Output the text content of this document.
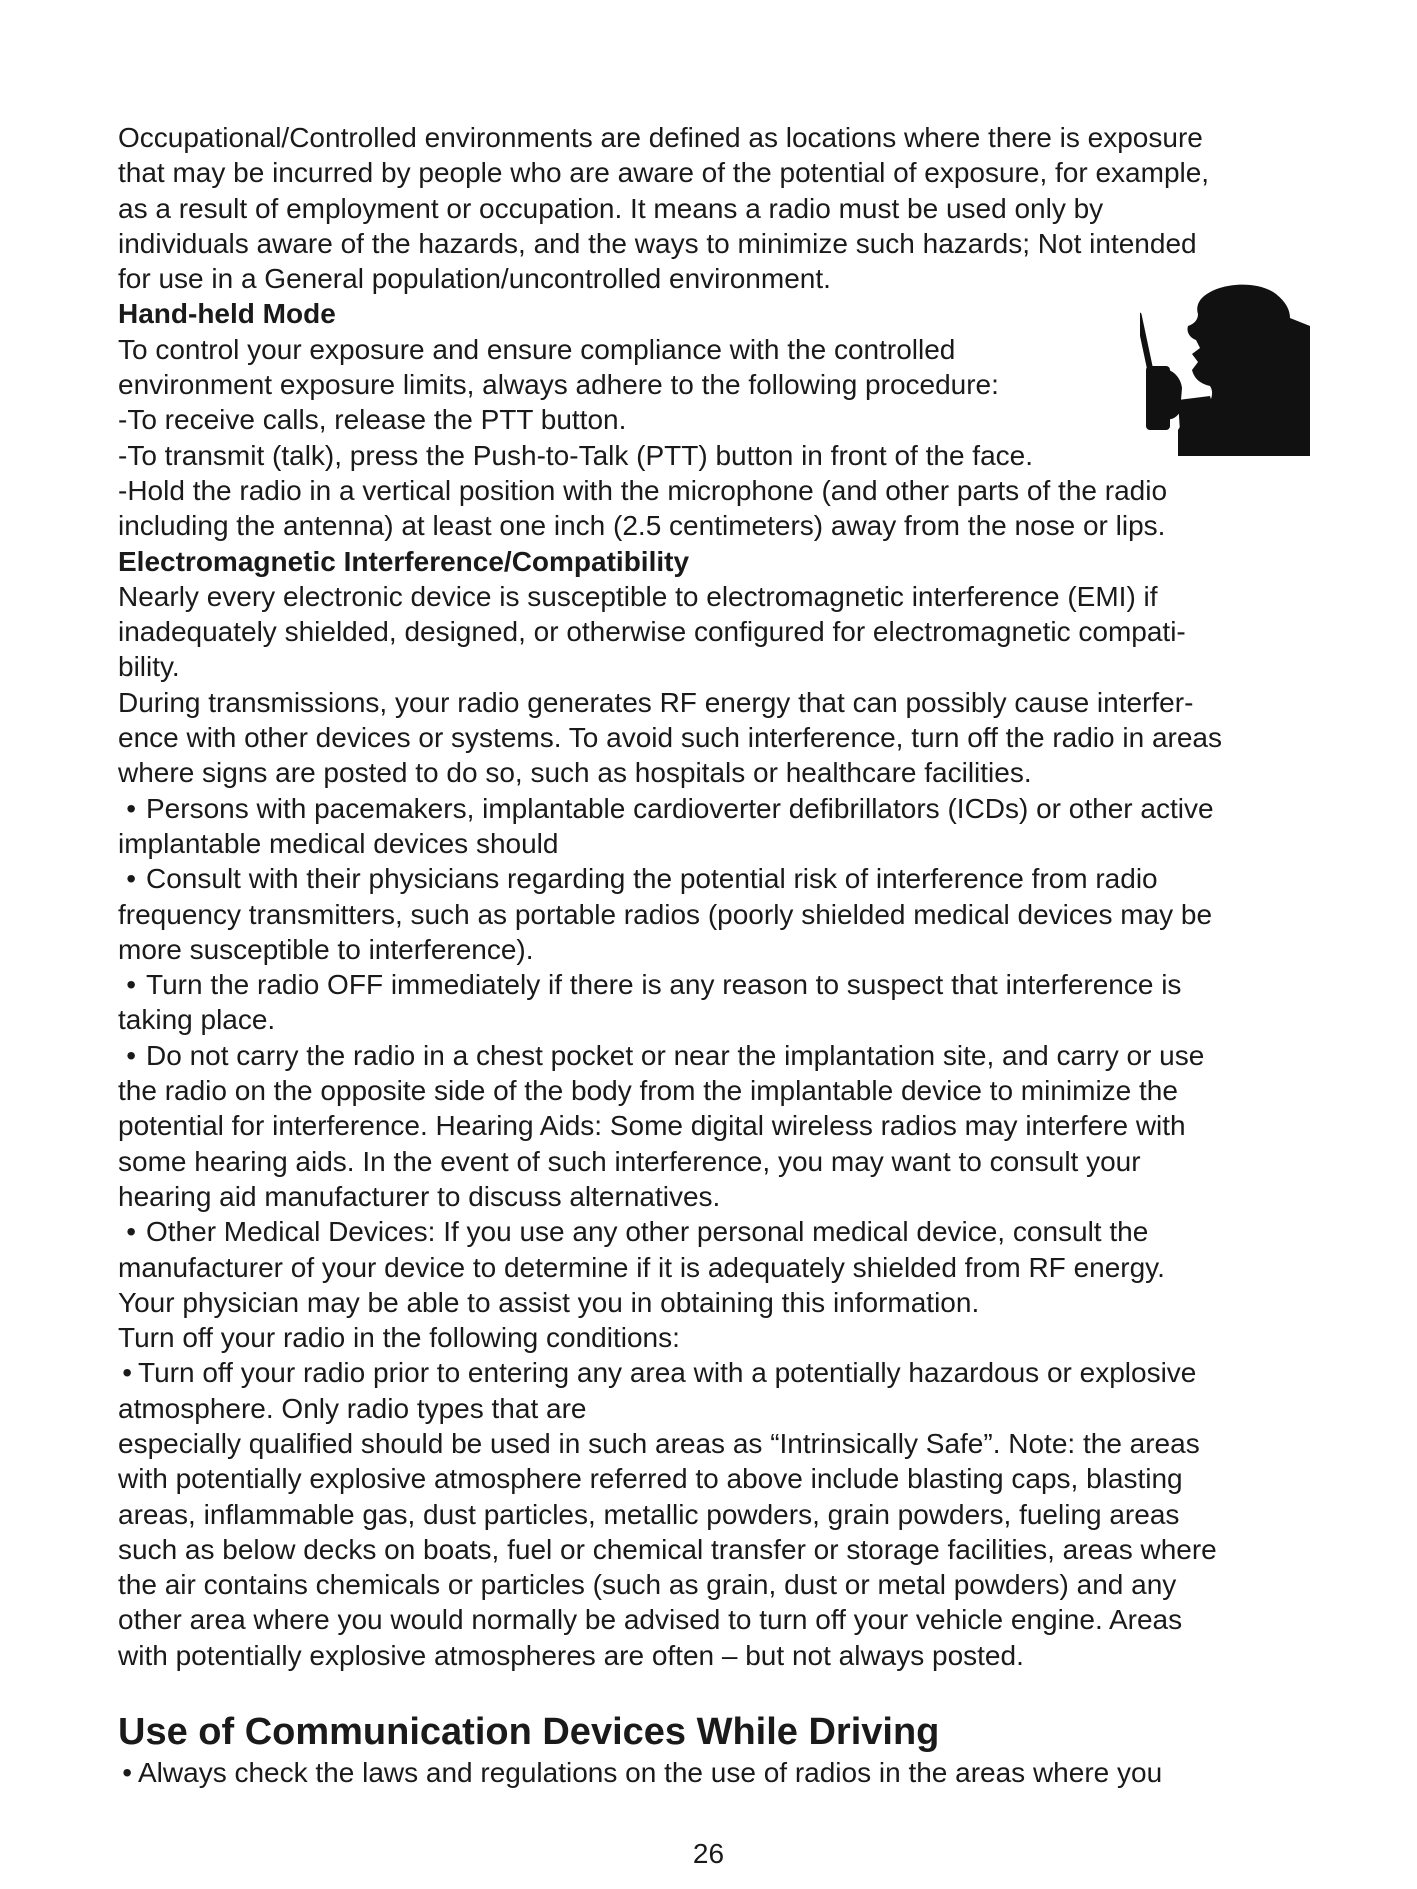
Occupational/Controlled environments are defined as locations where there is exposure
that may be incurred by people who are aware of the potential of exposure, for example,
as a result of employment or occupation. It means a radio must be used only by
individuals aware of the hazards, and the ways to minimize such hazards; Not intended
for use in a General population/uncontrolled environment.

Hand-held Mode

To control your exposure and ensure compliance with the controlled
environment exposure limits, always adhere to the following procedure:
-To receive calls, release the PTT button.
-To transmit (talk), press the Push-to-Talk (PTT) button in front of the face.
-Hold the radio in a vertical position with the microphone (and other parts of the radio
including the antenna) at least one inch (2.5 centimeters) away from the nose or lips.

Electromagnetic Interference/Compatibility

Nearly every electronic device is susceptible to electromagnetic interference (EMI) if
inadequately shielded, designed, or otherwise configured for electromagnetic compati-
bility.
During transmissions, your radio generates RF energy that can possibly cause interfer-
ence with other devices or systems. To avoid such interference, turn off the radio in areas
where signs are posted to do so, such as hospitals or healthcare facilities.

• Persons with pacemakers, implantable cardioverter defibrillators (ICDs) or other active
implantable medical devices should
• Consult with their physicians regarding the potential risk of interference from radio
frequency transmitters, such as portable radios (poorly shielded medical devices may be
more susceptible to interference).
• Turn the radio OFF immediately if there is any reason to suspect that interference is
taking place.
• Do not carry the radio in a chest pocket or near the implantation site, and carry or use
the radio on the opposite side of the body from the implantable device to minimize the
potential for interference. Hearing Aids: Some digital wireless radios may interfere with
some hearing aids. In the event of such interference, you may want to consult your
hearing aid manufacturer to discuss alternatives.
• Other Medical Devices: If you use any other personal medical device, consult the
manufacturer of your device to determine if it is adequately shielded from RF energy.
Your physician may be able to assist you in obtaining this information.

Turn off your radio in the following conditions:
• Turn off your radio prior to entering any area with a potentially hazardous or explosive
atmosphere. Only radio types that are
especially qualified should be used in such areas as “Intrinsically Safe”. Note: the areas
with potentially explosive atmosphere referred to above include blasting caps, blasting
areas, inflammable gas, dust particles, metallic powders, grain powders, fueling areas
such as below decks on boats, fuel or chemical transfer or storage facilities, areas where
the air contains chemicals or particles (such as grain, dust or metal powders) and any
other area where you would normally be advised to turn off your vehicle engine. Areas
with potentially explosive atmospheres are often – but not always posted.

Use of Communication Devices While Driving

• Always check the laws and regulations on the use of radios in the areas where you

26
